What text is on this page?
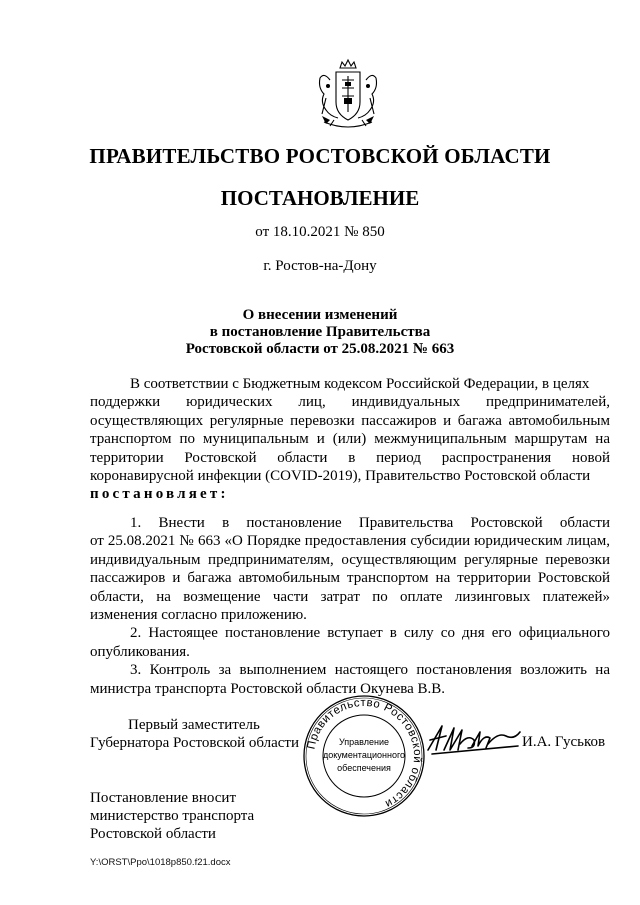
ПРАВИТЕЛЬСТВО РОСТОВСКОЙ ОБЛАСТИ
ПОСТАНОВЛЕНИЕ
от 18.10.2021 № 850
г. Ростов-на-Дону
О внесении изменений
в постановление Правительства
Ростовской области от 25.08.2021 № 663
В соответствии с Бюджетным кодексом Российской Федерации, в целях
поддержки юридических лиц, индивидуальных предпринимателей,
осуществляющих регулярные перевозки пассажиров и багажа автомобильным транспортом по муниципальным и (или) межмуниципальным маршрутам на территории Ростовской области в период распространения новой коронавирусной инфекции (COVID-2019), Правительство Ростовской области
постановляет:
1. Внести в постановление Правительства Ростовской области
от 25.08.2021 № 663 «О Порядке предоставления субсидии юридическим лицам, индивидуальным предпринимателям, осуществляющим регулярные перевозки пассажиров и багажа автомобильным транспортом на территории Ростовской области, на возмещение части затрат по оплате лизинговых платежей» изменения согласно приложению.
2. Настоящее постановление вступает в силу со дня его официального опубликования.
3. Контроль за выполнением настоящего постановления возложить на министра транспорта Ростовской области Окунева В.В.
Первый заместитель
Губернатора Ростовской области Правительство Ростовской области
Управление
документационного
обеспечения
И.А. Гуськов
Постановление вносит
министерство транспорта
Ростовской области
Y:\ORST\Ppo\1018p850.f21.docx
